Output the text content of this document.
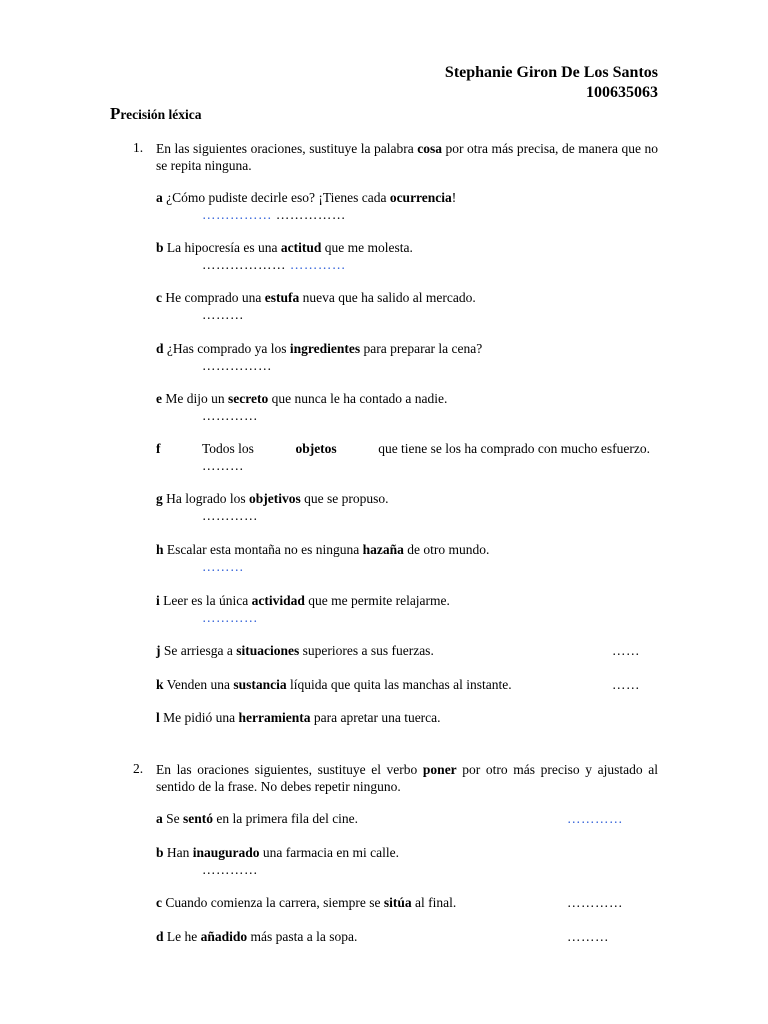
Stephanie Giron De Los Santos
100635063
Precisión léxica
1. En las siguientes oraciones, sustituye la palabra cosa por otra más precisa, de manera que no se repita ninguna.
a ¿Cómo pudiste decirle eso? ¡Tienes cada ocurrencia!
…………… ……………
b La hipocresía es una actitud que me molesta.
……………… …………
c He comprado una estufa nueva que ha salido al mercado.
………
d ¿Has comprado ya los ingredientes para preparar la cena?
……………
e Me dijo un secreto que nunca le ha contado a nadie.
…………
f	Todos los	objetos	que tiene se los ha comprado con mucho esfuerzo.
………
g Ha logrado los objetivos que se propuso.
…………
h Escalar esta montaña no es ninguna hazaña de otro mundo.
………
i Leer es la única actividad que me permite relajarme.
…………
j Se arriesga a situaciones superiores a sus fuerzas.	……
k Venden una sustancia líquida que quita las manchas al instante.	……
l Me pidió una herramienta para apretar una tuerca.
2. En las oraciones siguientes, sustituye el verbo poner por otro más preciso y ajustado al sentido de la frase. No debes repetir ninguno.
a Se sentó en la primera fila del cine.	…………
b Han inaugurado una farmacia en mi calle.
…………
c Cuando comienza la carrera, siempre se sitúa al final.	…………
d Le he añadido más pasta a la sopa.	………
